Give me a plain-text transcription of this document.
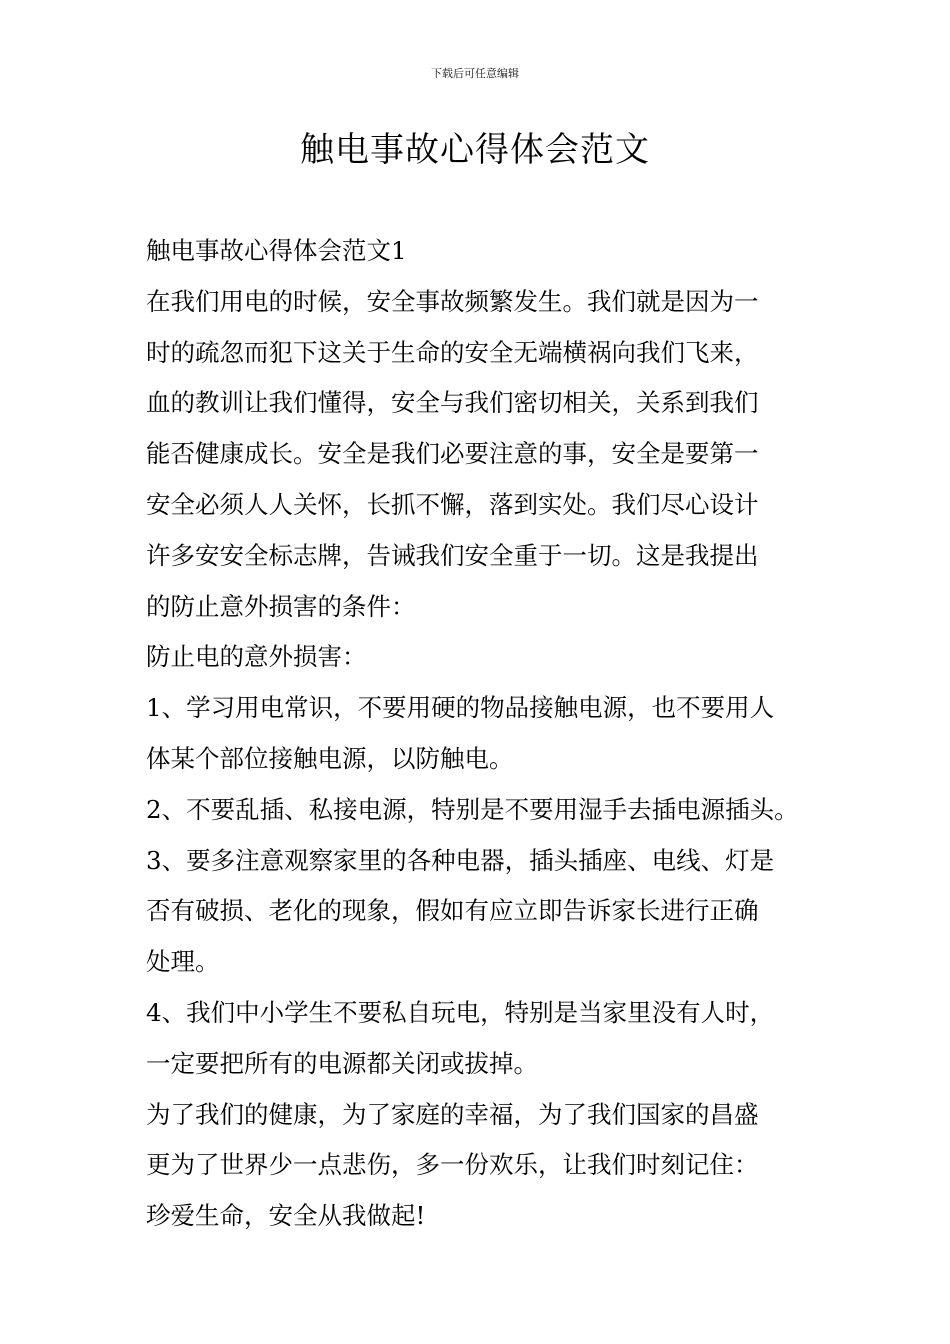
下载后可任意编辑
触电事故心得体会范文
触电事故心得体会范文1
在我们用电的时候，安全事故频繁发生。我们就是因为一
时的疏忽而犯下这关于生命的安全无端横祸向我们飞来，
血的教训让我们懂得，安全与我们密切相关，关系到我们
能否健康成长。安全是我们必要注意的事，安全是要第一
安全必须人人关怀，长抓不懈，落到实处。我们尽心设计
许多安安全标志牌，告诫我们安全重于一切。这是我提出
的防止意外损害的条件：
防止电的意外损害：
1、学习用电常识，不要用硬的物品接触电源，也不要用人
体某个部位接触电源，以防触电。
2、不要乱插、私接电源，特别是不要用湿手去插电源插头。
3、要多注意观察家里的各种电器，插头插座、电线、灯是
否有破损、老化的现象，假如有应立即告诉家长进行正确
处理。
4、我们中小学生不要私自玩电，特别是当家里没有人时，
一定要把所有的电源都关闭或拔掉。
为了我们的健康，为了家庭的幸福，为了我们国家的昌盛
更为了世界少一点悲伤，多一份欢乐，让我们时刻记住：
珍爱生命，安全从我做起!
